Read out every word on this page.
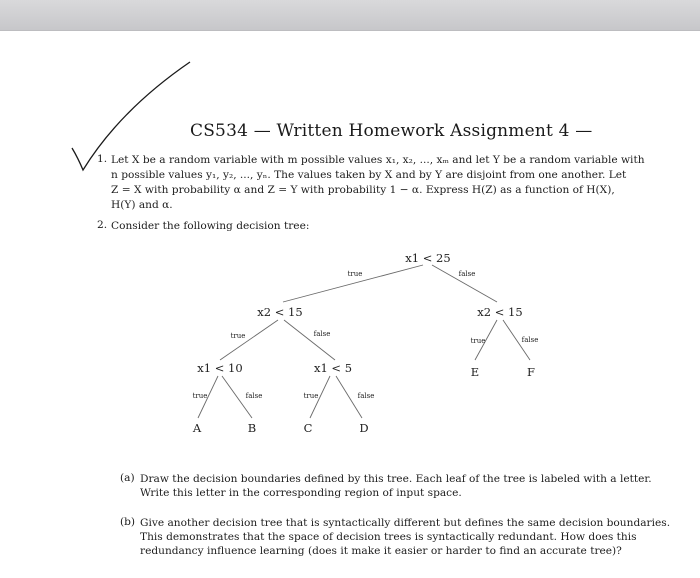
CS534 — Written Homework Assignment 4 —
1. Let X be a random variable with m possible values x₁, x₂, ..., xₘ and let Y be a random variable with
n possible values y₁, y₂, ..., yₙ. The values taken by X and by Y are disjoint from one another. Let
Z = X with probability α and Z = Y with probability 1 − α. Express H(Z) as a function of H(X),
H(Y) and α.
2. Consider the following decision tree:
x1 < 25
x2 < 15	x2 < 15
x1 < 10	x1 < 5
true	false
true	false
true	false
true	false	true	false
E	F
A	B	C	D
(a) Draw the decision boundaries defined by this tree. Each leaf of the tree is labeled with a letter.
Write this letter in the corresponding region of input space.
(b) Give another decision tree that is syntactically different but defines the same decision boundaries.
This demonstrates that the space of decision trees is syntactically redundant. How does this
redundancy influence learning (does it make it easier or harder to find an accurate tree)?
